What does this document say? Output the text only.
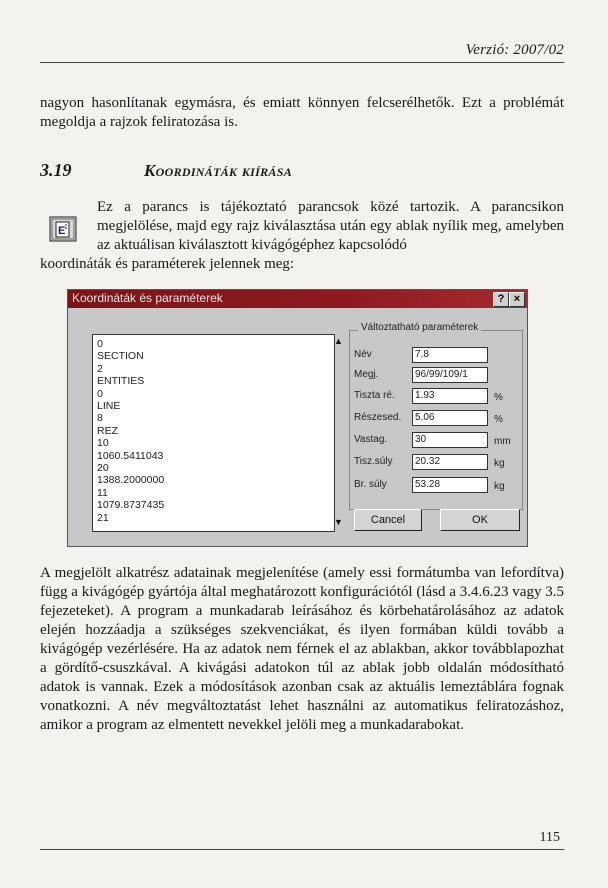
Verzió: 2007/02

nagyon hasonlítanak egymásra, és emiatt könnyen felcserélhetők. Ezt a problémát megoldja a rajzok feliratozása is.

3.19	Koordináták kiírása
E
Ez a parancs is tájékoztató parancsok közé tartozik. A parancsikon megjelölése, majd egy rajz kiválasztása után egy ablak nyílik meg, amelyben az aktuálisan kiválasztott kivágógéphez kapcsolódó
koordináták és paraméterek jelennek meg:
Koordináták és paraméterek	? ×
0
SECTION
2
ENTITIES
0
LINE
8
REZ
10
1060.5411043
20
1388.2000000
11
1079.8737435
21
▲
▼
Változtatható paraméterek
Név	7.8
Megj.	96/99/109/1
Tiszta ré.	1.93	%
Részesed.	5.06	%
Vastag.	30	mm
Tisz.súly	20.32	kg
Br. súly	53.28	kg
Cancel	OK

A megjelölt alkatrész adatainak megjelenítése (amely essi formátumba van lefordítva) függ a kivágógép gyártója által meghatározott konfigurációtól (lásd a 3.4.6.23 vagy 3.5 fejezeteket). A program a munkadarab leírásához és körbehatárolásához az adatok elején hozzáadja a szükséges szekvenciákat, és ilyen formában küldi tovább a kivágógép vezérlésére. Ha az adatok nem férnek el az ablakban, akkor továbblapozhat a gördítő-csuszkával. A kivágási adatokon túl az ablak jobb oldalán módosítható adatok is vannak. Ezek a módosítások azonban csak az aktuális lemeztáblára fognak vonatkozni. A név megváltoztatást lehet használni az automatikus feliratozáshoz, amikor a program az elmentett nevekkel jelöli meg a munkadarabokat.

115
